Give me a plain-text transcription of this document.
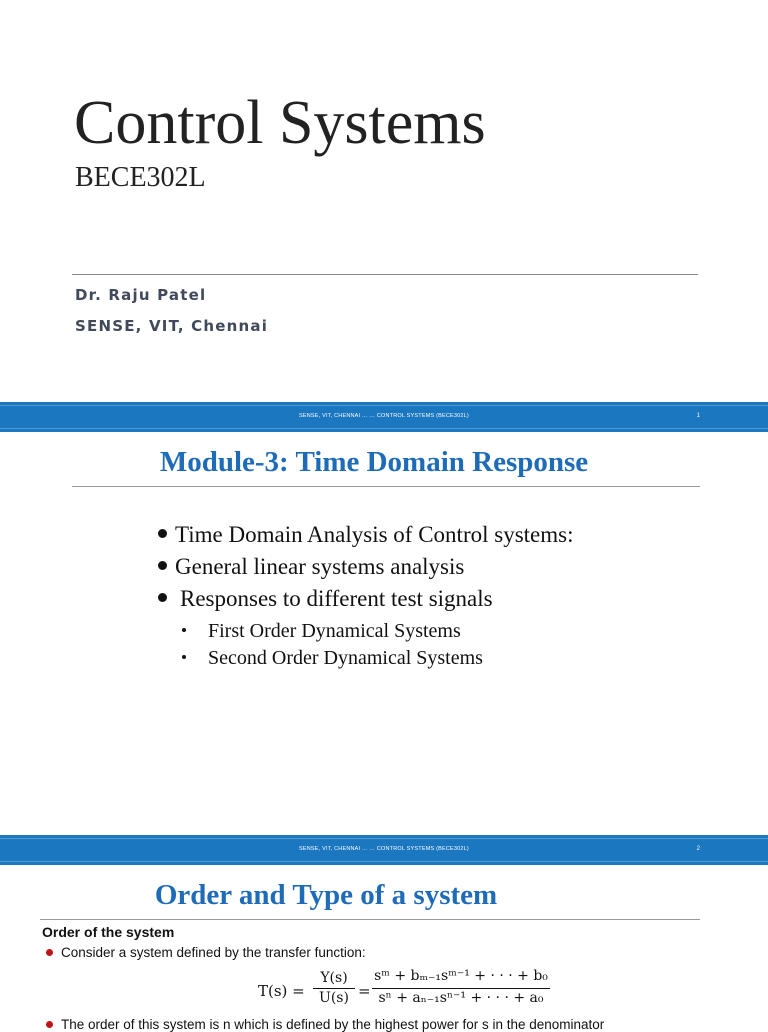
Control Systems
BECE302L
Dr. Raju Patel
SENSE, VIT, Chennai
SENSE, VIT, CHENNAI … … CONTROL SYSTEMS (BECE302L)	1
Module-3: Time Domain Response
Time Domain Analysis of Control systems:
General linear systems analysis
Responses to different test signals
First Order Dynamical Systems
Second Order Dynamical Systems
SENSE, VIT, CHENNAI … … CONTROL SYSTEMS (BECE302L)	2
Order and Type of a system
Order of the system
Consider a system defined by the transfer function:
T(s) =
Y(s)
U(s) =
sᵐ + bₘ₋₁sᵐ⁻¹ + · · · + b₀
sⁿ + aₙ₋₁sⁿ⁻¹ + · · · + a₀
The order of this system is n which is defined by the highest power for s in the denominator
